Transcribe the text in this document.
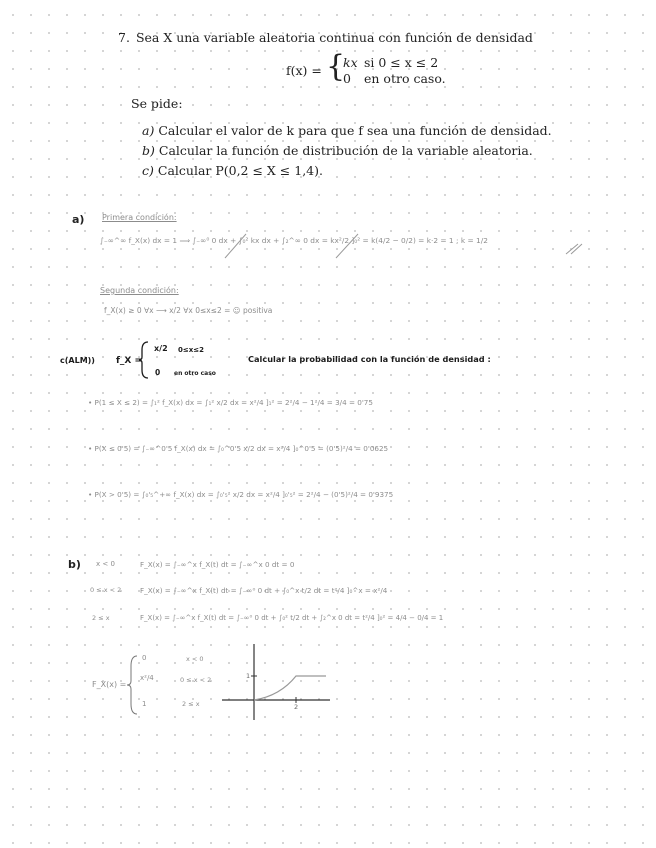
7. Sea X una variable aleatoria continua con función de densidad
f(x) = {
kx si 0 ≤ x ≤ 2
0 en otro caso.
Se pide:
a) Calcular el valor de k para que f sea una función de densidad.
b) Calcular la función de distribución de la variable aleatoria.
c) Calcular P(0,2 ≤ X ≤ 1,4).
a) Primera condición:
∫₋∞^∞ f_X(x) dx = 1 ⟹ ∫₋∞⁰ 0 dx + ∫₀² kx dx + ∫₂^∞ 0 dx = kx²/2 ]₀² = k(4/2 − 0/2) = k·2 = 1 ; k = 1/2
Segunda condición:
f_X(x) ≥ 0 ∀x ⟶ x/2 ∀x 0≤x≤2 = ☺ positiva
c(ALM)) f_X =
x/2 0≤x≤2
0 en otro caso
Calcular la probabilidad con la función de densidad :
• P(1 ≤ X ≤ 2) = ∫₁² f_X(x) dx = ∫₁² x/2 dx = x²/4 ]₁² = 2²/4 − 1²/4 = 3/4 = 0'75
• P(X ≤ 0'5) = ∫₋∞^0'5 f_X(x) dx = ∫₀^0'5 x/2 dx = x²/4 ]₀^0'5 = (0'5)²/4 = 0'0625
• P(X > 0'5) = ∫₀'₅^+∞ f_X(x) dx = ∫₀'₅² x/2 dx = x²/4 ]₀'₅² = 2²/4 − (0'5)²/4 = 0'9375
b) x < 0	F_X(x) = ∫₋∞^x f_X(t) dt = ∫₋∞^x 0 dt = 0
0 ≤ x < 2	F_X(x) = ∫₋∞^x f_X(t) dt = ∫₋∞⁰ 0 dt + ∫₀^x t/2 dt = t²/4 ]₀^x = x²/4
2 ≤ x	F_X(x) = ∫₋∞^x f_X(t) dt = ∫₋∞⁰ 0 dt + ∫₀² t/2 dt + ∫₂^x 0 dt = t²/4 ]₀² = 4/4 − 0/4 = 1
F_X(x) =
0	x < 0
x²/4	0 ≤ x < 2
1	2 ≤ x
1
2
